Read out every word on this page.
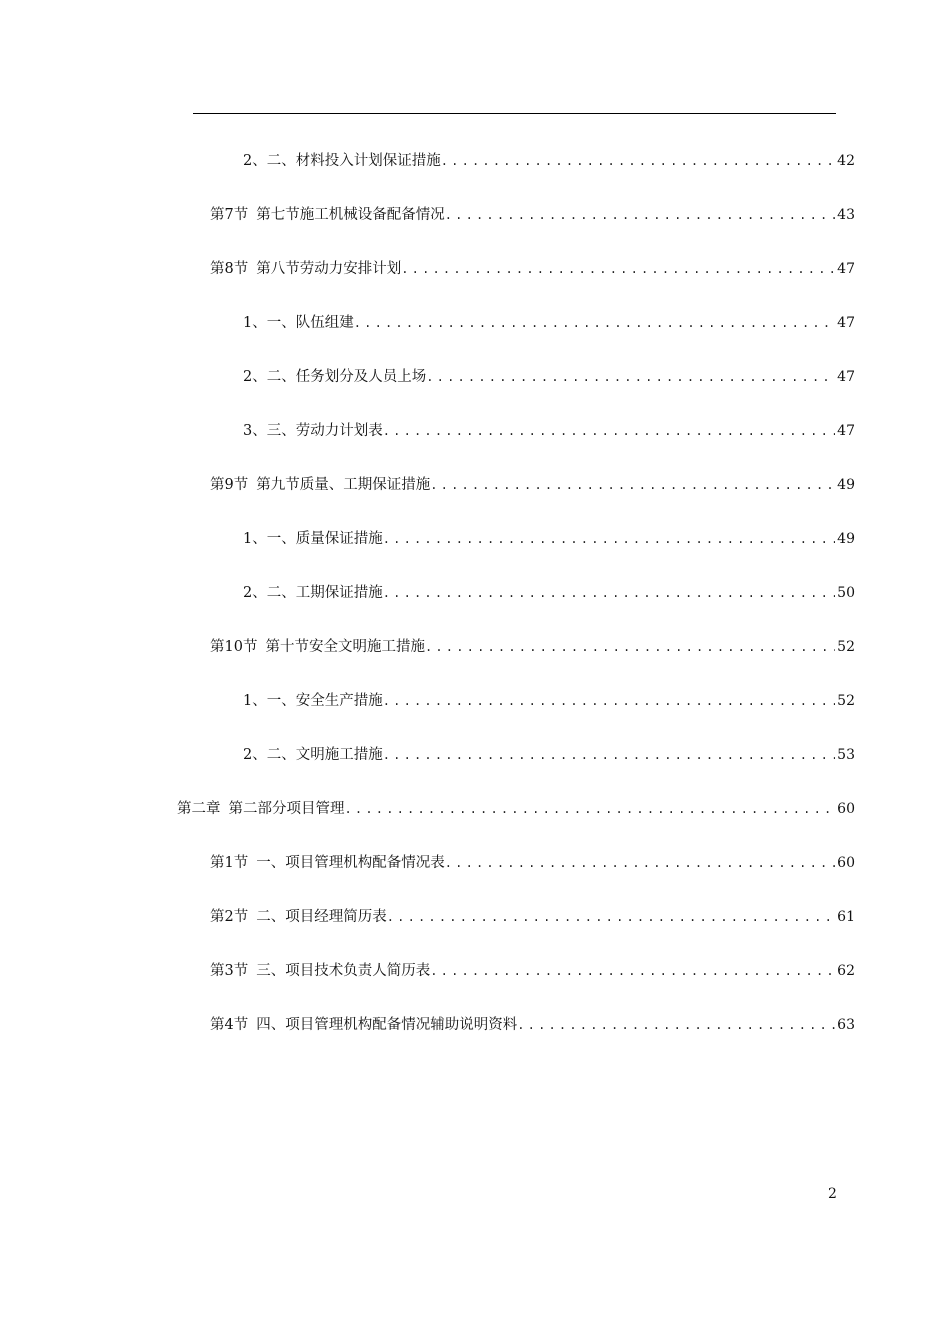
2、 二、材料投入计划保证措施 .....	42
第7节 第七节施工机械设备配备情况 .....	43
第8节 第八节劳动力安排计划 .....	47
1、 一、队伍组建 .....	47
2、 二、任务划分及人员上场 .....	47
3、 三、劳动力计划表 .....	47
第9节 第九节质量、工期保证措施 .....	49
1、 一、质量保证措施 .....	49
2、 二、工期保证措施 .....	50
第10节 第十节安全文明施工措施 .....	52
1、 一、安全生产措施 .....	52
2、 二、文明施工措施 .....	53
第二章 第二部分项目管理 .....	60
第1节 一、项目管理机构配备情况表 .....	60
第2节 二、项目经理简历表 .....	61
第3节 三、项目技术负责人简历表 .....	62
第4节 四、项目管理机构配备情况辅助说明资料 .....	63
2
